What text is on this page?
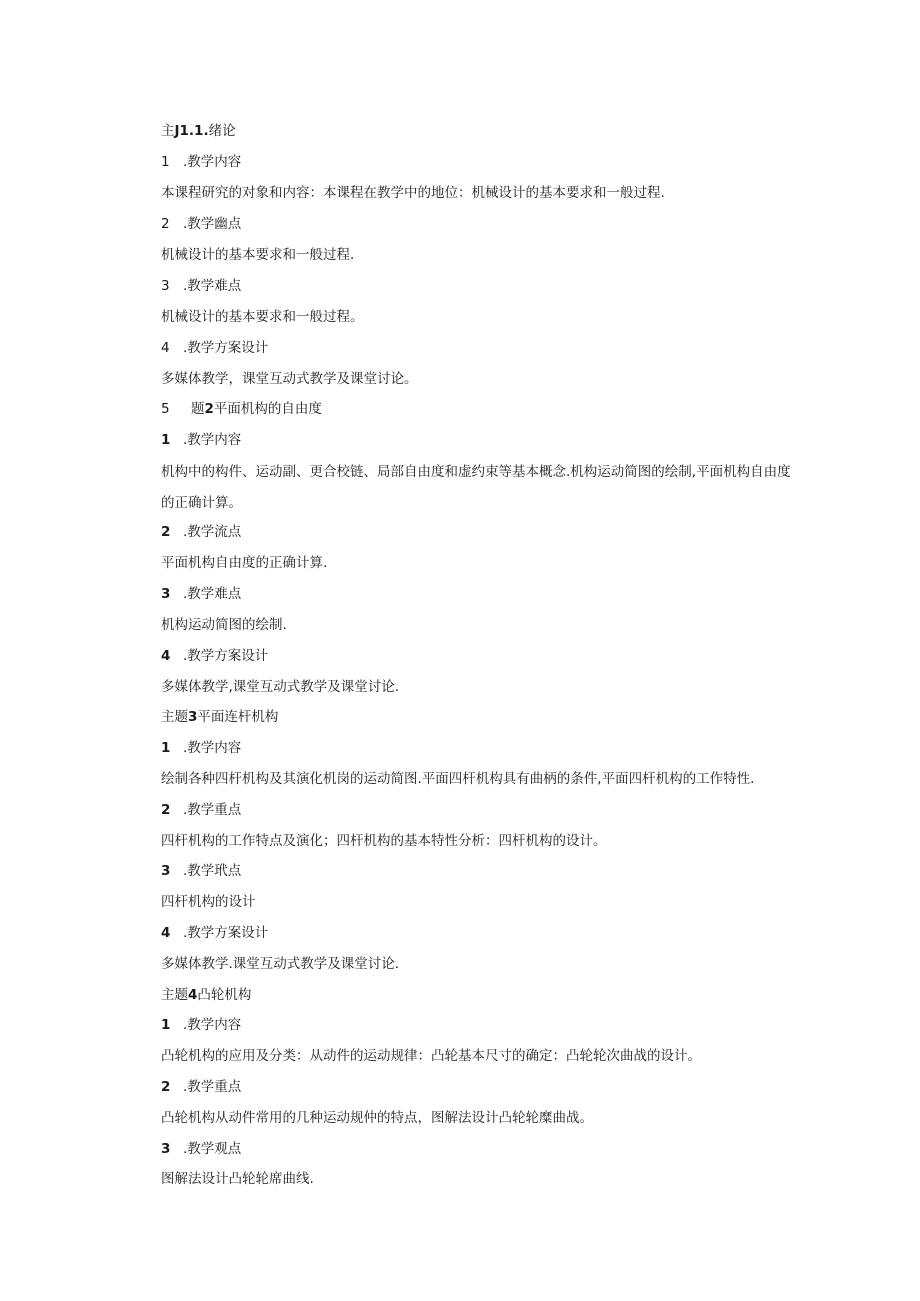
主J1.1.绪论
1 .教学内容
本课程研究的对象和内容：本课程在教学中的地位：机械设计的基本要求和一般过程.
2 .教学幽点
机械设计的基本要求和一般过程.
3 .教学难点
机械设计的基本要求和一般过程。
4 .教学方案设计
多媒体教学，课堂互动式教学及课堂讨论。
5 题2平面机构的自由度
1 .教学内容
机构中的构件、运动副、更合校链、局部自由度和虚约束等基本概念.机构运动简图的绘制,平面机构自由度的正确计算。
2 .教学流点
平面机构自由度的正确计算.
3 .教学难点
机构运动简图的绘制.
4 .教学方案设计
多媒体教学,课堂互动式教学及课堂讨论.
主题3平面连杆机构
1 .教学内容
绘制各种四杆机构及其演化机岗的运动简图.平面四杆机构具有曲柄的条件,平面四杆机构的工作特性.
2 .教学重点
四杆机构的工作特点及演化；四杆机构的基本特性分析：四杆机构的设计。
3 .教学玳点
四杆机构的设计
4 .教学方案设计
多媒体教学.课堂互动式教学及课堂讨论.
主题4凸轮机构
1 .教学内容
凸轮机构的应用及分类：从动件的运动规律：凸轮基本尺寸的确定：凸轮轮次曲战的设计。
2 .教学重点
凸轮机构从动件常用的几种运动规仲的特点，图解法设计凸轮轮糜曲战。
3 .教学观点
图解法设计凸轮轮席曲线.
